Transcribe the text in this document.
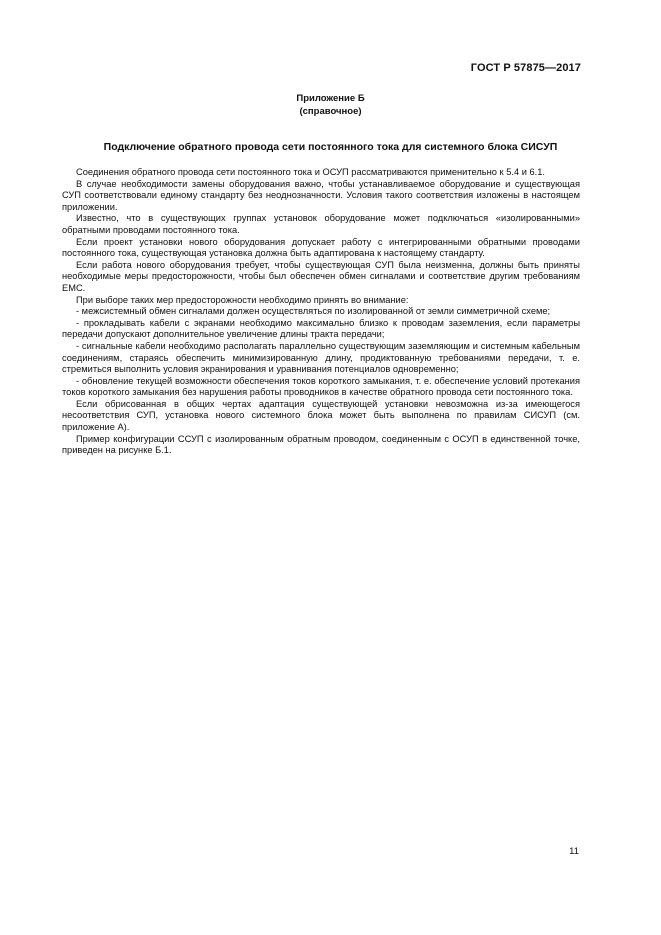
ГОСТ Р 57875—2017
Приложение Б
(справочное)
Подключение обратного провода сети постоянного тока для системного блока СИСУП

Соединения обратного провода сети постоянного тока и ОСУП рассматриваются применительно к 5.4 и 6.1.

В случае необходимости замены оборудования важно, чтобы устанавливаемое оборудование и существующая СУП соответствовали единому стандарту без неоднозначности. Условия такого соответствия изложены в настоящем приложении.

Известно, что в существующих группах установок оборудование может подключаться «изолированными» обратными проводами постоянного тока.

Если проект установки нового оборудования допускает работу с интегрированными обратными проводами постоянного тока, существующая установка должна быть адаптирована к настоящему стандарту.

Если работа нового оборудования требует, чтобы существующая СУП была неизменна, должны быть приняты необходимые меры предосторожности, чтобы был обеспечен обмен сигналами и соответствие другим требованиям ЕМС.

При выборе таких мер предосторожности необходимо принять во внимание:

- межсистемный обмен сигналами должен осуществляться по изолированной от земли симметричной схеме;

- прокладывать кабели с экранами необходимо максимально близко к проводам заземления, если параметры передачи допускают дополнительное увеличение длины тракта передачи;

- сигнальные кабели необходимо располагать параллельно существующим заземляющим и системным кабельным соединениям, стараясь обеспечить минимизированную длину, продиктованную требованиями передачи, т. е. стремиться выполнить условия экранирования и уравнивания потенциалов одновременно;

- обновление текущей возможности обеспечения токов короткого замыкания, т. е. обеспечение условий протекания токов короткого замыкания без нарушения работы проводников в качестве обратного провода сети постоянного тока.

Если обрисованная в общих чертах адаптация существующей установки невозможна из-за имеющегося несоответствия СУП, установка нового системного блока может быть выполнена по правилам СИСУП (см. приложение А).

Пример конфигурации ССУП с изолированным обратным проводом, соединенным с ОСУП в единственной точке, приведен на рисунке Б.1.

11
